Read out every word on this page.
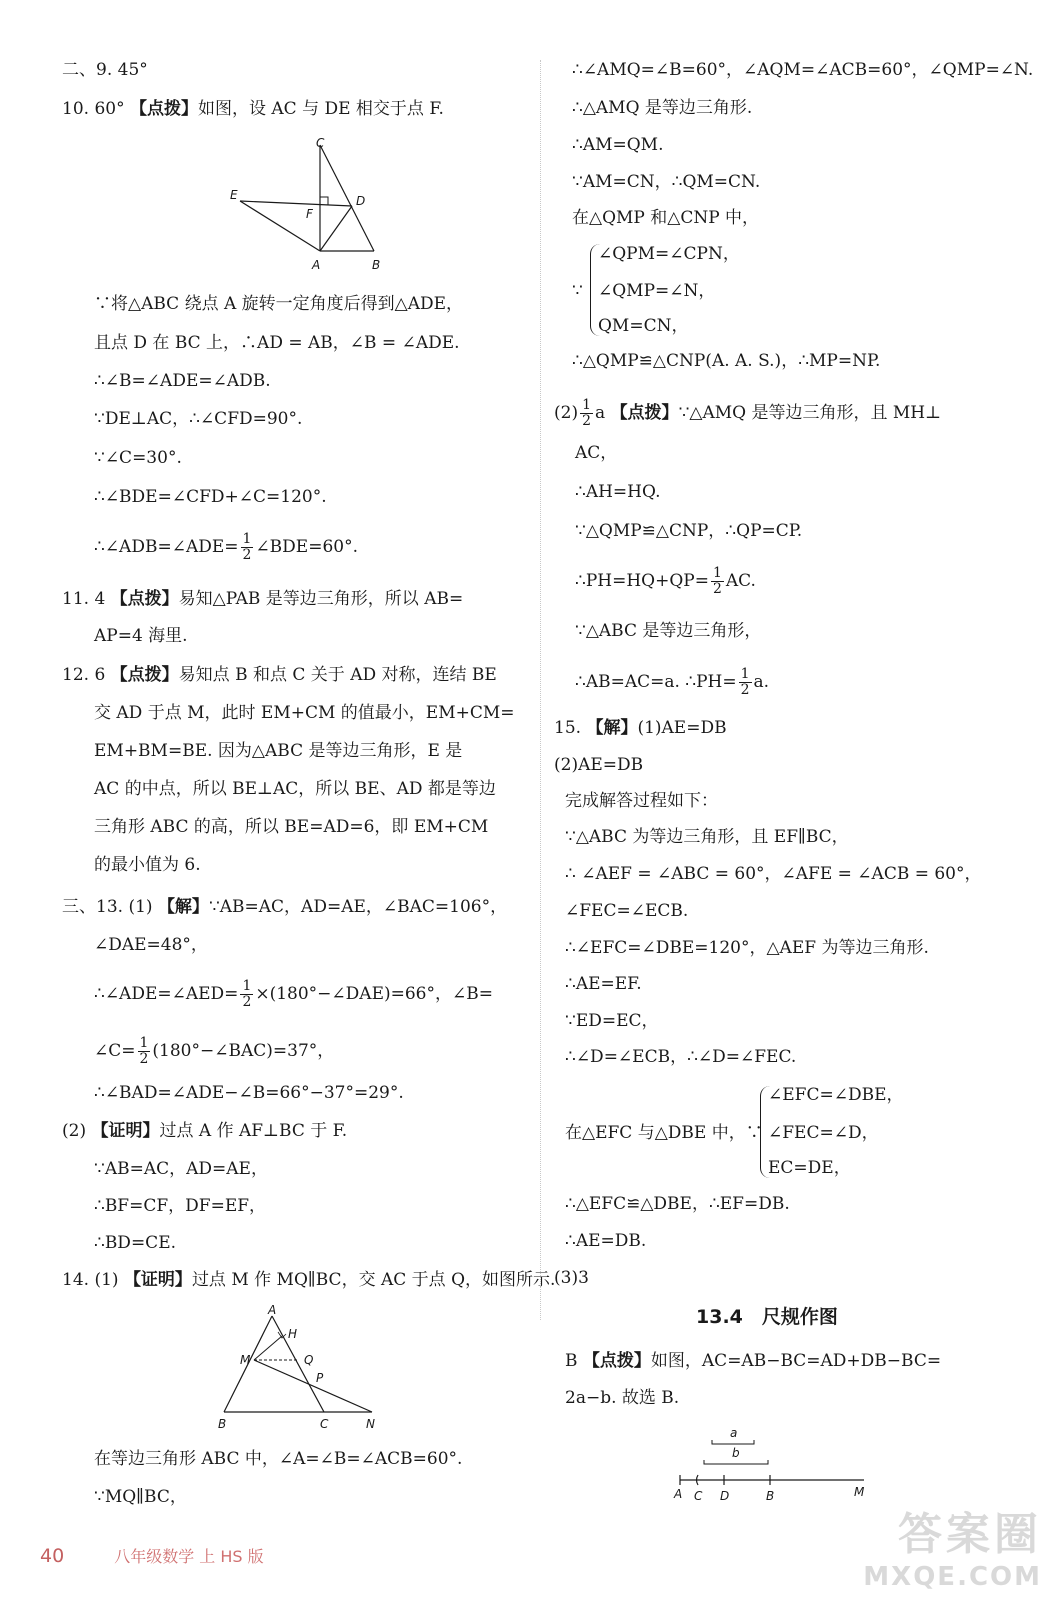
二、9. 45°
10. 60° 【点拨】如图，设 AC 与 DE 相交于点 F.
C
E
F
D
A	B
∵将△ABC 绕点 A 旋转一定角度后得到△ADE，
且点 D 在 BC 上，∴AD = AB，∠B = ∠ADE.
∴∠B=∠ADE=∠ADB.
∵DE⊥AC，∴∠CFD=90°.
∵∠C=30°.
∴∠BDE=∠CFD+∠C=120°.
∴∠ADB=∠ADE= $\frac{1}{2}$ ∠BDE=60°.
11. 4 【点拨】易知△PAB 是等边三角形，所以 AB=
AP=4 海里.
12. 6 【点拨】易知点 B 和点 C 关于 AD 对称，连结 BE
交 AD 于点 M，此时 EM+CM 的值最小，EM+CM=
EM+BM=BE. 因为△ABC 是等边三角形，E 是
AC 的中点，所以 BE⊥AC，所以 BE、AD 都是等边
三角形 ABC 的高，所以 BE=AD=6，即 EM+CM
的最小值为 6.
三、13. (1) 【解】∵AB=AC，AD=AE，∠BAC=106°，
∠DAE=48°，
∴∠ADE=∠AED= $\frac{1}{2}$ ×(180°−∠DAE)=66°，∠B=
∠C= $\frac{1}{2}$ (180°−∠BAC)=37°，
∴∠BAD=∠ADE−∠B=66°−37°=29°.
(2) 【证明】过点 A 作 AF⊥BC 于 F.
∵AB=AC，AD=AE，
∴BF=CF，DF=EF，
∴BD=CE.
14. (1) 【证明】过点 M 作 MQ∥BC，交 AC 于点 Q，如图所示.
A
H
M	Q
P
B	C	N
在等边三角形 ABC 中，∠A=∠B=∠ACB=60°.
∵MQ∥BC，
∴∠AMQ=∠B=60°，∠AQM=∠ACB=60°，∠QMP=∠N.
∴△AMQ 是等边三角形.
∴AM=QM.
∵AM=CN，∴QM=CN.
在△QMP 和△CNP 中，
∵
∠QPM=∠CPN，
∠QMP=∠N，
QM=CN，
∴△QMP≌△CNP(A. A. S.)，∴MP=NP.
$(2) \frac{1}{2}$ a 【点拨】∵△AMQ 是等边三角形，且 MH⊥
AC，
∴AH=HQ.
∵△QMP≌△CNP，∴QP=CP.
∴PH=HQ+QP= $\frac{1}{2}$ AC.
∵△ABC 是等边三角形，
∴AB=AC=a. ∴PH= $\frac{1}{2} a$.
15. 【解】(1)AE=DB
(2)AE=DB
完成解答过程如下：
∵△ABC 为等边三角形，且 EF∥BC，
∴ ∠AEF = ∠ABC = 60°，∠AFE = ∠ACB = 60°，
∠FEC=∠ECB.
∴∠EFC=∠DBE=120°，△AEF 为等边三角形.
∴AE=EF.
∵ED=EC，
∴∠D=∠ECB，∴∠D=∠FEC.
在△EFC 与△DBE 中，∵
∠EFC=∠DBE，
∠FEC=∠D，
EC=DE，
∴△EFC≌△DBE，∴EF=DB.
∴AE=DB.
(3)3
13.4　尺规作图
B 【点拨】如图，AC=AB−BC=AD+DB−BC=
2a−b. 故选 B.
a
b
A C D	B	M
40	八年级数学 上 HS 版	答案圈
MXQE.COM
